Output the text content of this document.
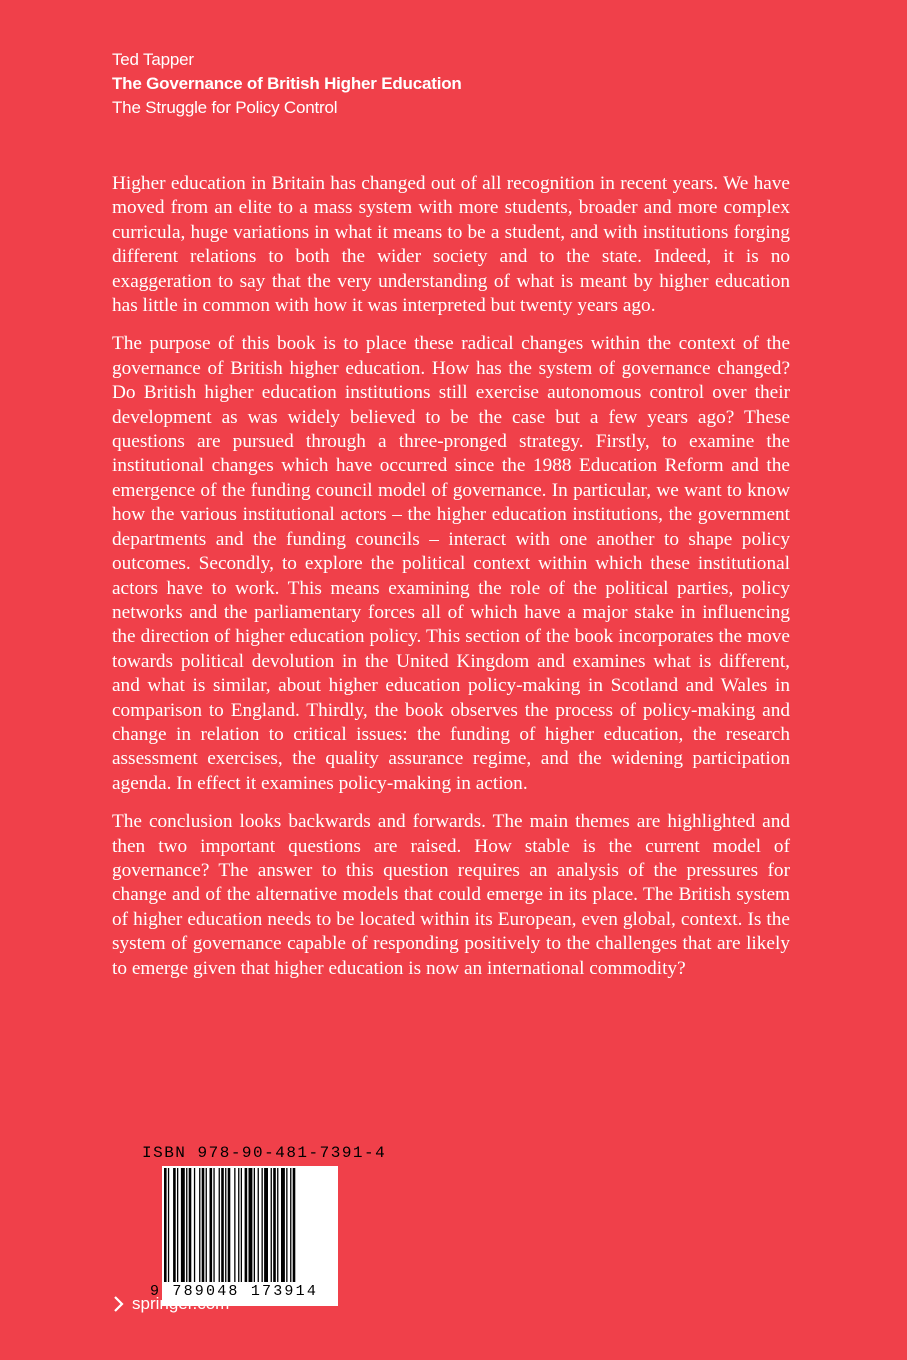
Ted Tapper
The Governance of British Higher Education
The Struggle for Policy Control

Higher education in Britain has changed out of all recognition in recent years. We have moved from an elite to a mass system with more students, broader and more complex curricula, huge variations in what it means to be a student, and with institutions forging different relations to both the wider society and to the state. Indeed, it is no exaggeration to say that the very understanding of what is meant by higher education has little in common with how it was interpreted but twenty years ago.

The purpose of this book is to place these radical changes within the context of the governance of British higher education. How has the system of governance changed? Do British higher education institutions still exercise autonomous control over their development as was widely believed to be the case but a few years ago? These questions are pursued through a three-pronged strategy. Firstly, to examine the institutional changes which have occurred since the 1988 Education Reform and the emergence of the funding council model of governance. In particular, we want to know how the various institutional actors – the higher education institutions, the government departments and the funding councils – interact with one another to shape policy outcomes. Secondly, to explore the political context within which these institutional actors have to work. This means examining the role of the political parties, policy networks and the parliamentary forces all of which have a major stake in influencing the direction of higher education policy. This section of the book incorporates the move towards political devolution in the United Kingdom and examines what is different, and what is similar, about higher education policy-making in Scotland and Wales in comparison to England. Thirdly, the book observes the process of policy-making and change in relation to critical issues: the funding of higher education, the research assessment exercises, the quality assurance regime, and the widening participation agenda. In effect it examines policy-making in action.

The conclusion looks backwards and forwards. The main themes are highlighted and then two important questions are raised. How stable is the current model of governance? The answer to this question requires an analysis of the pressures for change and of the alternative models that could emerge in its place. The British system of higher education needs to be located within its European, even global, context. Is the system of governance capable of responding positively to the challenges that are likely to emerge given that higher education is now an international commodity?

ISBN 978-90-481-7391-4
9 789048 173914
springer.com
